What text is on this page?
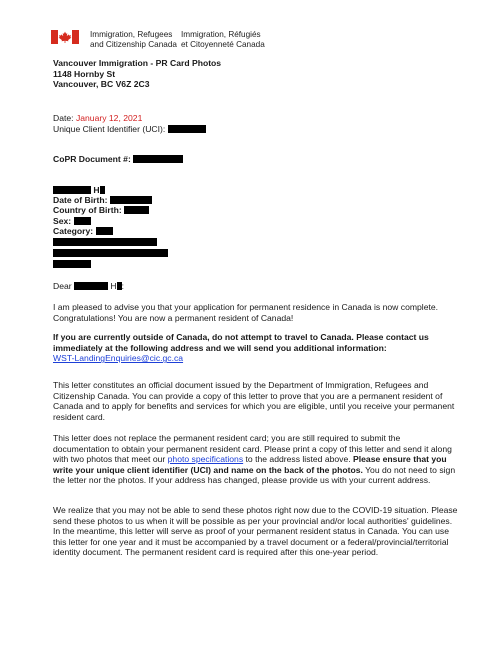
Immigration, Refugees
and Citizenship Canada
Immigration, Réfugiés
et Citoyenneté Canada
Vancouver Immigration - PR Card Photos
1148 Hornby St
Vancouver, BC V6Z 2C3
Date: January 12, 2021
Unique Client Identifier (UCI):
CoPR Document #:
H
Date of Birth:
Country of Birth:
Sex:
Category:
Dear	H :

I am pleased to advise you that your application for permanent residence in Canada is now complete. Congratulations! You are now a permanent resident of Canada!

If you are currently outside of Canada, do not attempt to travel to Canada. Please contact us immediately at the following address and we will send you additional information:

WST-LandingEnquiries@cic.gc.ca

This letter constitutes an official document issued by the Department of Immigration, Refugees and Citizenship Canada. You can provide a copy of this letter to prove that you are a permanent resident of Canada and to apply for benefits and services for which you are eligible, until you receive your permanent resident card.

This letter does not replace the permanent resident card; you are still required to submit the documentation to obtain your permanent resident card. Please print a copy of this letter and send it along with two photos that meet our photo specifications to the address listed above. Please ensure that you write your unique client identifier (UCI) and name on the back of the photos. You do not need to sign the letter nor the photos. If your address has changed, please provide us with your current address.

We realize that you may not be able to send these photos right now due to the COVID-19 situation. Please send these photos to us when it will be possible as per your provincial and/or local authorities' guidelines. In the meantime, this letter will serve as proof of your permanent resident status in Canada. You can use this letter for one year and it must be accompanied by a travel document or a federal/provincial/territorial identity document. The permanent resident card is required after this one-year period.
